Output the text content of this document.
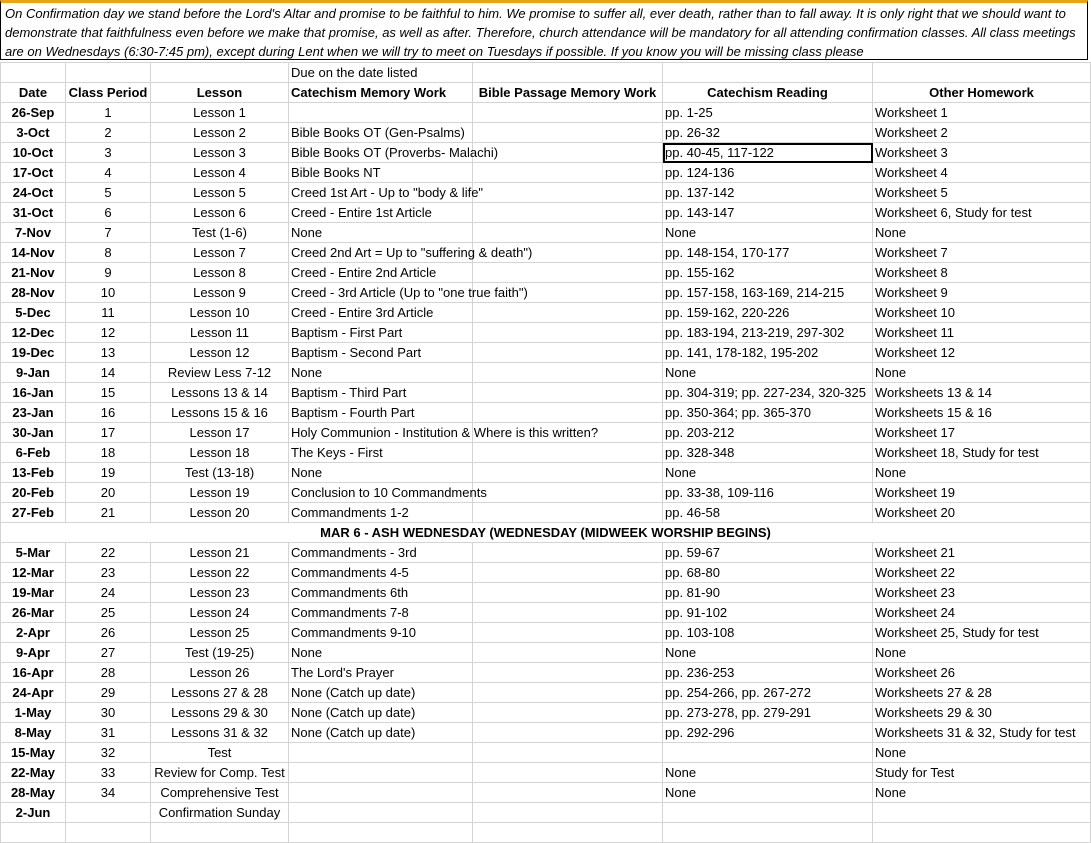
On Confirmation day we stand before the Lord's Altar and promise to be faithful to him. We promise to suffer all, ever death, rather than to fall away. It is only right that we should want to demonstrate that faithfulness even before we make that promise, as well as after. Therefore, church attendance will be mandatory for all attending confirmation classes. All class meetings are on Wednesdays (6:30-7:45 pm), except during Lent when we will try to meet on Tuesdays if possible. If you know you will be missing class please
			Due on the date listed			
Date	Class Period	Lesson	Catechism Memory Work	Bible Passage Memory Work	Catechism Reading	Other Homework
26-Sep	1	Lesson 1			pp. 1-25	Worksheet 1
3-Oct	2	Lesson 2	Bible Books OT (Gen-Psalms)		pp. 26-32	Worksheet 2
10-Oct	3	Lesson 3	Bible Books OT (Proverbs- Malachi)		pp. 40-45, 117-122	Worksheet 3
17-Oct	4	Lesson 4	Bible Books NT		pp. 124-136	Worksheet 4
24-Oct	5	Lesson 5	Creed 1st Art - Up to "body & life"		pp. 137-142	Worksheet 5
31-Oct	6	Lesson 6	Creed - Entire 1st Article		pp. 143-147	Worksheet 6, Study for test
7-Nov	7	Test (1-6)	None		None	None
14-Nov	8	Lesson 7	Creed 2nd Art = Up to "suffering & death")		pp. 148-154, 170-177	Worksheet 7
21-Nov	9	Lesson 8	Creed - Entire 2nd Article		pp. 155-162	Worksheet 8
28-Nov	10	Lesson 9	Creed - 3rd Article (Up to "one true faith")		pp. 157-158, 163-169, 214-215	Worksheet 9
5-Dec	11	Lesson 10	Creed - Entire 3rd Article		pp. 159-162, 220-226	Worksheet 10
12-Dec	12	Lesson 11	Baptism - First Part		pp. 183-194, 213-219, 297-302	Worksheet 11
19-Dec	13	Lesson 12	Baptism - Second Part		pp. 141, 178-182, 195-202	Worksheet 12
9-Jan	14	Review Less 7-12	None		None	None
16-Jan	15	Lessons 13 & 14	Baptism - Third Part		pp. 304-319; pp. 227-234, 320-325	Worksheets 13 & 14
23-Jan	16	Lessons 15 & 16	Baptism - Fourth Part		pp. 350-364; pp. 365-370	Worksheets 15 & 16
30-Jan	17	Lesson 17	Holy Communion - Institution & Where is this written?		pp. 203-212	Worksheet 17
6-Feb	18	Lesson 18	The Keys - First		pp. 328-348	Worksheet 18, Study for test
13-Feb	19	Test (13-18)	None		None	None
20-Feb	20	Lesson 19	Conclusion to 10 Commandments		pp. 33-38, 109-116	Worksheet 19
27-Feb	21	Lesson 20	Commandments 1-2		pp. 46-58	Worksheet 20
MAR 6 - ASH WEDNESDAY (WEDNESDAY (MIDWEEK WORSHIP BEGINS)						
5-Mar	22	Lesson 21	Commandments - 3rd		pp. 59-67	Worksheet 21
12-Mar	23	Lesson 22	Commandments 4-5		pp. 68-80	Worksheet 22
19-Mar	24	Lesson 23	Commandments 6th		pp. 81-90	Worksheet 23
26-Mar	25	Lesson 24	Commandments 7-8		pp. 91-102	Worksheet 24
2-Apr	26	Lesson 25	Commandments 9-10		pp. 103-108	Worksheet 25, Study for test
9-Apr	27	Test (19-25)	None		None	None
16-Apr	28	Lesson 26	The Lord's Prayer		pp. 236-253	Worksheet 26
24-Apr	29	Lessons 27 & 28	None (Catch up date)		pp. 254-266, pp. 267-272	Worksheets 27 & 28
1-May	30	Lessons 29 & 30	None (Catch up date)		pp. 273-278, pp. 279-291	Worksheets 29 & 30
8-May	31	Lessons 31 & 32	None (Catch up date)		pp. 292-296	Worksheets 31 & 32, Study for test
15-May	32	Test				None
22-May	33	Review for Comp. Test			None	Study for Test
28-May	34	Comprehensive Test			None	None
2-Jun		Confirmation Sunday				
